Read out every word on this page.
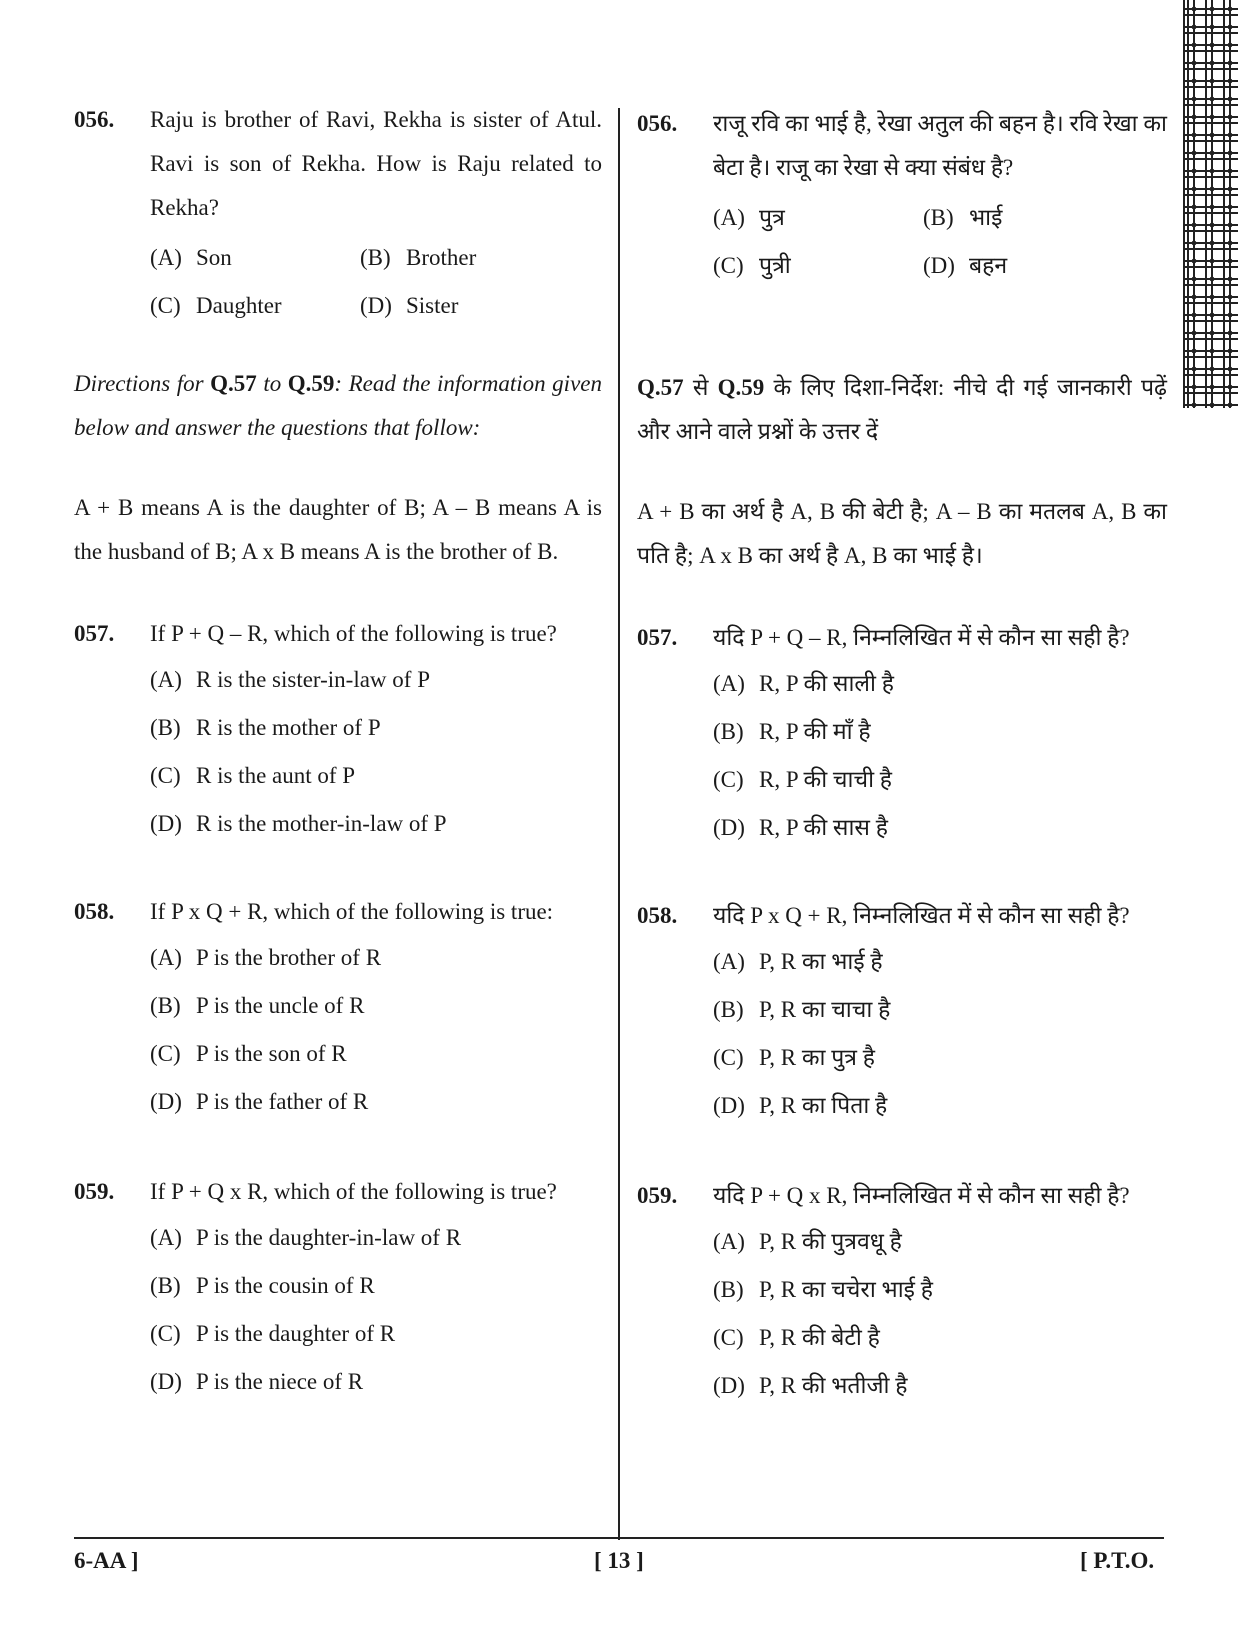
056. Raju is brother of Ravi, Rekha is sister of Atul. Ravi is son of Rekha. How is Raju related to Rekha?
(A) Son	(B) Brother
(C) Daughter	(D) Sister
Directions for Q.57 to Q.59: Read the information given below and answer the questions that follow:
A + B means A is the daughter of B; A – B means A is the husband of B; A x B means A is the brother of B.
057. If P + Q – R, which of the following is true?
(A) R is the sister-in-law of P
(B) R is the mother of P
(C) R is the aunt of P
(D) R is the mother-in-law of P
058. If P x Q + R, which of the following is true:
(A) P is the brother of R
(B) P is the uncle of R
(C) P is the son of R
(D) P is the father of R
059. If P + Q x R, which of the following is true?
(A) P is the daughter-in-law of R
(B) P is the cousin of R
(C) P is the daughter of R
(D) P is the niece of R
056. राजू रवि का भाई है, रेखा अतुल की बहन है। रवि रेखा का बेटा है। राजू का रेखा से क्या संबंध है?
(A) पुत्र	(B) भाई
(C) पुत्री	(D) बहन
Q.57 से Q.59 के लिए दिशा-निर्देश: नीचे दी गई जानकारी पढ़ें और आने वाले प्रश्नों के उत्तर दें
A + B का अर्थ है A, B की बेटी है; A – B का मतलब A, B का पति है; A x B का अर्थ है A, B का भाई है।
057. यदि P + Q – R, निम्नलिखित में से कौन सा सही है?
(A) R, P की साली है
(B) R, P की माँ है
(C) R, P की चाची है
(D) R, P की सास है
058. यदि P x Q + R, निम्नलिखित में से कौन सा सही है?
(A) P, R का भाई है
(B) P, R का चाचा है
(C) P, R का पुत्र है
(D) P, R का पिता है
059. यदि P + Q x R, निम्नलिखित में से कौन सा सही है?
(A) P, R की पुत्रवधू है
(B) P, R का चचेरा भाई है
(C) P, R की बेटी है
(D) P, R की भतीजी है
6-AA ]	[ 13 ]	[ P.T.O.
